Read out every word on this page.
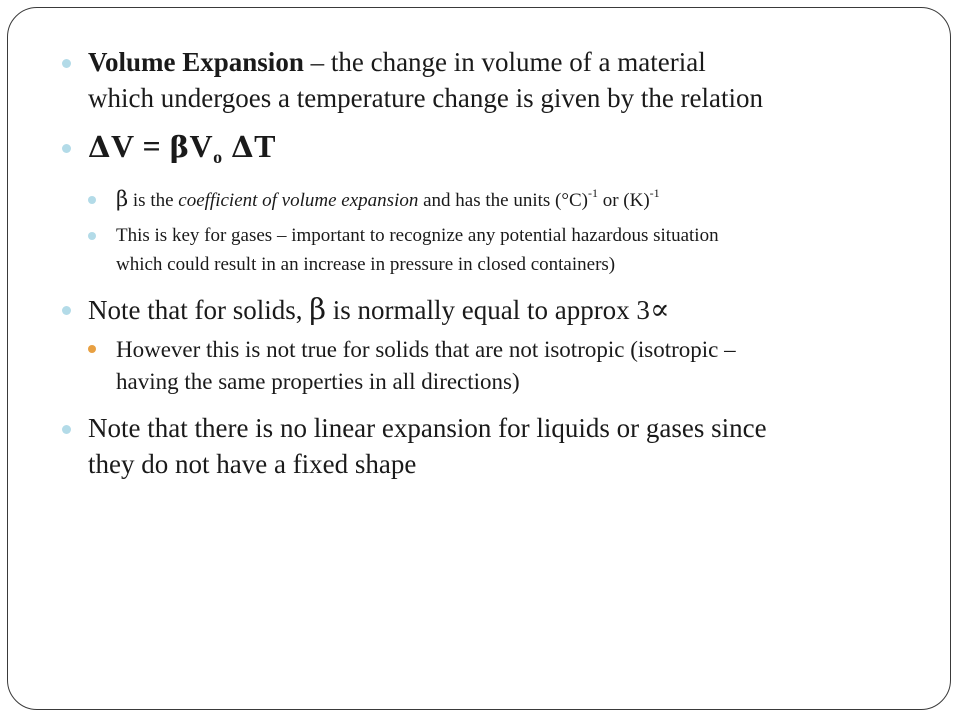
Volume Expansion – the change in volume of a material
which undergoes a temperature change is given by the relation
$\Delta V = \beta V_o$ ΔT
β is the coefficient of volume expansion and has the units $(^\circ C)^{-1}$ or $(K)^{-1}$
This is key for gases – important to recognize any potential hazardous situation
which could result in an increase in pressure in closed containers)
Note that for solids, β is normally equal to approx 3∝
However this is not true for solids that are not isotropic (isotropic –
having the same properties in all directions)
Note that there is no linear expansion for liquids or gases since
they do not have a fixed shape
